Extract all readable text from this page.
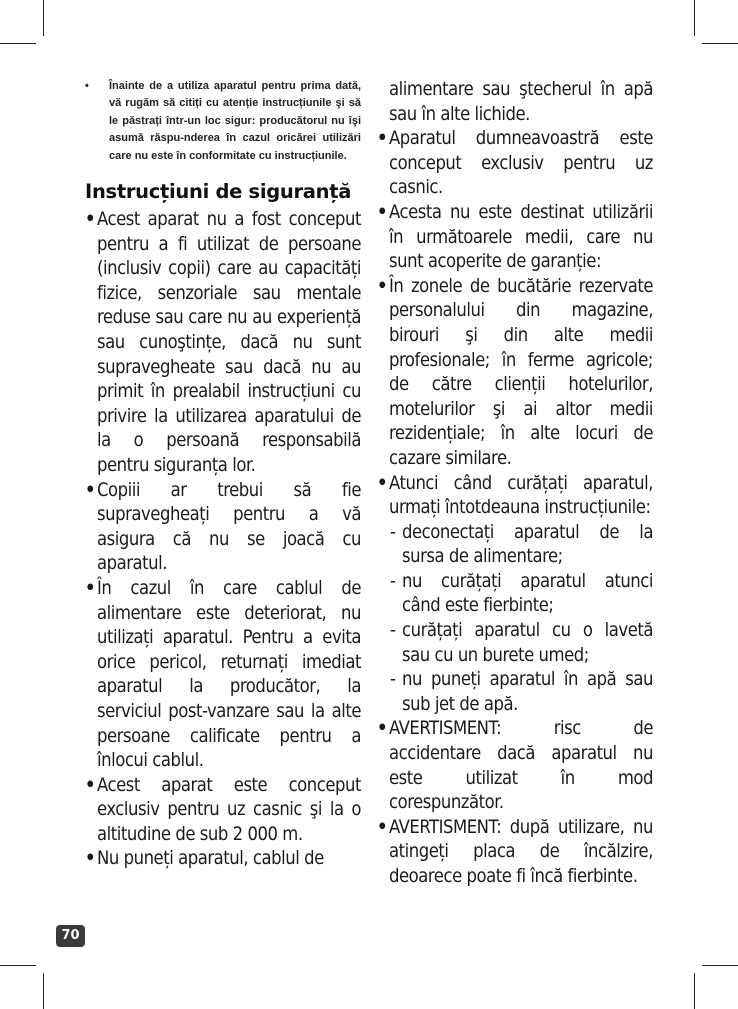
• Înainte de a utiliza aparatul pentru prima dată, vă rugăm să citiți cu atenție instrucțiunile şi să le păstrați într-un loc sigur: producătorul nu îşi asumă răspu-nderea în cazul oricărei utilizări care nu este în conformitate cu instrucțiunile.
Instrucțiuni de siguranță
• Acest aparat nu a fost conceput pentru a fi utilizat de persoane (inclusiv copii) care au capacități fizice, senzoriale sau mentale reduse sau care nu au experiență sau cunoştințe, dacă nu sunt supravegheate sau dacă nu au primit în prealabil instrucțiuni cu privire la utilizarea aparatului de la o persoană responsabilă pentru siguranța lor.
• Copiii ar trebui să fie supravegheați pentru a vă asigura că nu se joacă cu aparatul.
• În cazul în care cablul de alimentare este deteriorat, nu utilizați aparatul. Pentru a evita orice pericol, returnați imediat aparatul la producător, la serviciul post-vanzare sau la alte persoane calificate pentru a înlocui cablul.
• Acest aparat este conceput exclusiv pentru uz casnic şi la o altitudine de sub 2 000 m.
• Nu puneți aparatul, cablul de
alimentare sau ştecherul în apă sau în alte lichide.
• Aparatul dumneavoastră este conceput exclusiv pentru uz casnic.
• Acesta nu este destinat utilizării în următoarele medii, care nu sunt acoperite de garanție:
• În zonele de bucătărie rezervate personalului din magazine, birouri şi din alte medii profesionale; în ferme agricole; de către clienții hotelurilor, motelurilor şi ai altor medii rezidențiale; în alte locuri de cazare similare.
• Atunci când curățați aparatul, urmați întotdeauna instrucțiunile:
- deconectați aparatul de la sursa de alimentare;
- nu curățați aparatul atunci când este fierbinte;
- curățați aparatul cu o lavetă sau cu un burete umed;
- nu puneți aparatul în apă sau sub jet de apă.
• AVERTISMENT: risc de accidentare dacă aparatul nu este utilizat în mod corespunzător.
• AVERTISMENT: după utilizare, nu atingeți placa de încălzire, deoarece poate fi încă fierbinte.
70
